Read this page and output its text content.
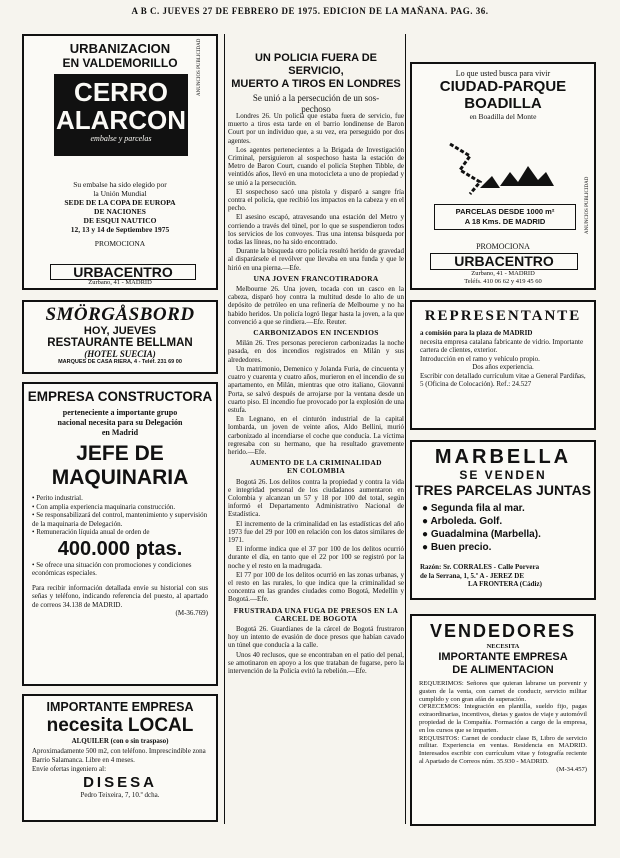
A B C. JUEVES 27 DE FEBRERO DE 1975. EDICION DE LA MAÑANA. PAG. 36.
URBANIZACION
EN VALDEMORILLO
CERRO
ALARCON
embalse y parcelas
ANUNCIOS PUBLICIDAD
Su embalse ha sido elegido por
la Unión Mundial
SEDE DE LA COPA DE EUROPA
DE NACIONES
DE ESQUI NAUTICO
12, 13 y 14 de Septiembre 1975
PROMOCIONA
URBACENTRO
Zurbano, 41 - MADRID
SMÖRGÅSBORD
HOY, JUEVES
RESTAURANTE BELLMAN
(HOTEL SUECIA)
MARQUES DE CASA RIERA, 4 - Teléf. 231 69 00
EMPRESA CONSTRUCTORA
perteneciente a importante grupo
nacional necesita para su Delegación
en Madrid
JEFE DE
MAQUINARIA
• Perito industrial.
• Con amplia experiencia maquinaria construcción.
• Se responsabilizará del control, mantenimiento y supervisión de la maquinaria de Delegación.
• Remuneración líquida anual de orden de
400.000 ptas.
• Se ofrece una situación con promociones y condiciones económicas especiales.
Para recibir información detallada envíe su historial con sus señas y teléfono, indicando referencia del puesto, al apartado de correos 34.138 de MADRID.
(M-36.769)
IMPORTANTE EMPRESA
necesita LOCAL
ALQUILER (con o sin traspaso)
Aproximadamente 500 m2, con teléfono. Imprescindible zona Barrio Salamanca. Libre en 4 meses.
Envíe ofertas ingeniero al:
DISESA
Pedro Teixeira, 7, 10.º dcha.
UN POLICIA FUERA DE SERVICIO,
MUERTO A TIROS EN LONDRES
Se unió a la persecución de un sos-
pechoso

Londres 26. Un policía que estaba fuera de servicio, fue muerto a tiros esta tarde en el barrio londinense de Baron Court por un individuo que, a su vez, era perseguido por dos agentes.

Los agentes pertenecientes a la Brigada de Investigación Criminal, persiguieron al sospechoso hasta la estación de Metro de Baron Court, cuando el policía Stephen Tibble, de veintidós años, llevó en una motocicleta a uno de propiedad y se unió a la persecución.

El sospechoso sacó una pistola y disparó a sangre fría contra el policía, que recibió los impactos en la cabeza y en el pecho.

El asesino escapó, atravesando una estación del Metro y corriendo a través del túnel, por lo que se suspendieron todos los servicios de los convoyes. Tras una intensa búsqueda por todas las líneas, no ha sido encontrado.

Durante la búsqueda otro policía resultó herido de gravedad al disparársele el revólver que llevaba en una funda y que le hirió en una pierna.—Efe.

UNA JOVEN FRANCOTIRADORA

Melbourne 26. Una joven, tocada con un casco en la cabeza, disparó hoy contra la multitud desde lo alto de un depósito de petróleo en una refinería de Melbourne y no ha habido heridos. Un policía logró llegar hasta la joven, a la que convenció a que se rindiera.—Efe. Reuter.

CARBONIZADOS EN INCENDIOS

Milán 26. Tres personas perecieron carbonizadas la noche pasada, en dos incendios registrados en Milán y sus alrededores.

Un matrimonio, Demenico y Jolanda Furia, de cincuenta y cuatro y cuarenta y cuatro años, murieron en el incendio de su apartamento, en Milán, mientras que otro italiano, Giovanni Porta, se salvó después de arrojarse por la ventana desde un cuarto piso. El incendio fue provocado por la explosión de una estufa.

En Legnano, en el cinturón industrial de la capital lombarda, un joven de veinte años, Aldo Bellini, murió carbonizado al incendiarse el coche que conducía. La víctima regresaba con su hermano, que ha resultado gravemente herido.—Efe.

AUMENTO DE LA CRIMINALIDAD

EN COLOMBIA

Bogotá 26. Los delitos contra la propiedad y contra la vida e integridad personal de los ciudadanos aumentaron en Colombia y alcanzan un 57 y 18 por 100 del total, según informó el Departamento Administrativo Nacional de Estadística.

El incremento de la criminalidad en las estadísticas del año 1973 fue del 29 por 100 en relación con los datos similares de 1971.

El informe indica que el 37 por 100 de los delitos ocurrió durante el día, en tanto que el 22 por 100 se registró por la noche y el resto en la madrugada.

El 77 por 100 de los delitos ocurrió en las zonas urbanas, y el resto en las rurales, lo que indica que la criminalidad se concentra en las grandes ciudades como Bogotá, Medellín y Bogotá.—Efe.

FRUSTRADA UNA FUGA DE PRESOS EN LA

CARCEL DE BOGOTA

Bogotá 26. Guardianes de la cárcel de Bogotá frustraron hoy un intento de evasión de doce presos que habían cavado un túnel que conducía a la calle.

Unos 40 reclusos, que se encontraban en el patio del penal, se amotinaron en apoyo a los que trataban de fugarse, pero la intervención de la Policía evitó la rebelión.—Efe.

Lo que usted busca para vivir
CIUDAD-PARQUE
BOADILLA
en Boadilla del Monte
PARCELAS DESDE 1000 m²
A 18 Kms. DE MADRID	ANUNCIOS PUBLICIDAD
PROMOCIONA
URBACENTRO
Zurbano, 41 - MADRID
Teléfs. 410 06 62 y 419 45 60
REPRESENTANTE
a comisión para la plaza de MADRID
necesita empresa catalana fabricante de vidrio. Importante cartera de clientes, exterior.
Introducción en el ramo y vehículo propio.
Dos años experiencia.
Escribir con detallado currículum vitae a General Pardiñas, 5 (Oficina de Colocación). Ref.: 24.527
MARBELLA
SE VENDEN
TRES PARCELAS JUNTAS
● Segunda fila al mar.
● Arboleda. Golf.
● Guadalmina (Marbella).
● Buen precio.
Razón: Sr. CORRALES - Calle Porvera
de la Serrana, 1, 5.º A - JEREZ DE
LA FRONTERA (Cádiz)
VENDEDORES
NECESITA
IMPORTANTE EMPRESA
DE ALIMENTACION
REQUERIMOS: Señores que quieran labrarse un porvenir y gusten de la venta, con carnet de conducir, servicio militar cumplido y con gran afán de superación.
OFRECEMOS: Integración en plantilla, sueldo fijo, pagas extraordinarias, incentivos, dietas y gastos de viaje y automóvil propiedad de la Compañía. Formación a cargo de la empresa, en los cursos que se imparten.
REQUISITOS: Carnet de conducir clase B, Libro de servicio militar. Experiencia en ventas. Residencia en MADRID. Interesados escribir con currículum vitae y fotografía reciente al Apartado de Correos núm. 35.930 - MADRID.
(M-34.457)
